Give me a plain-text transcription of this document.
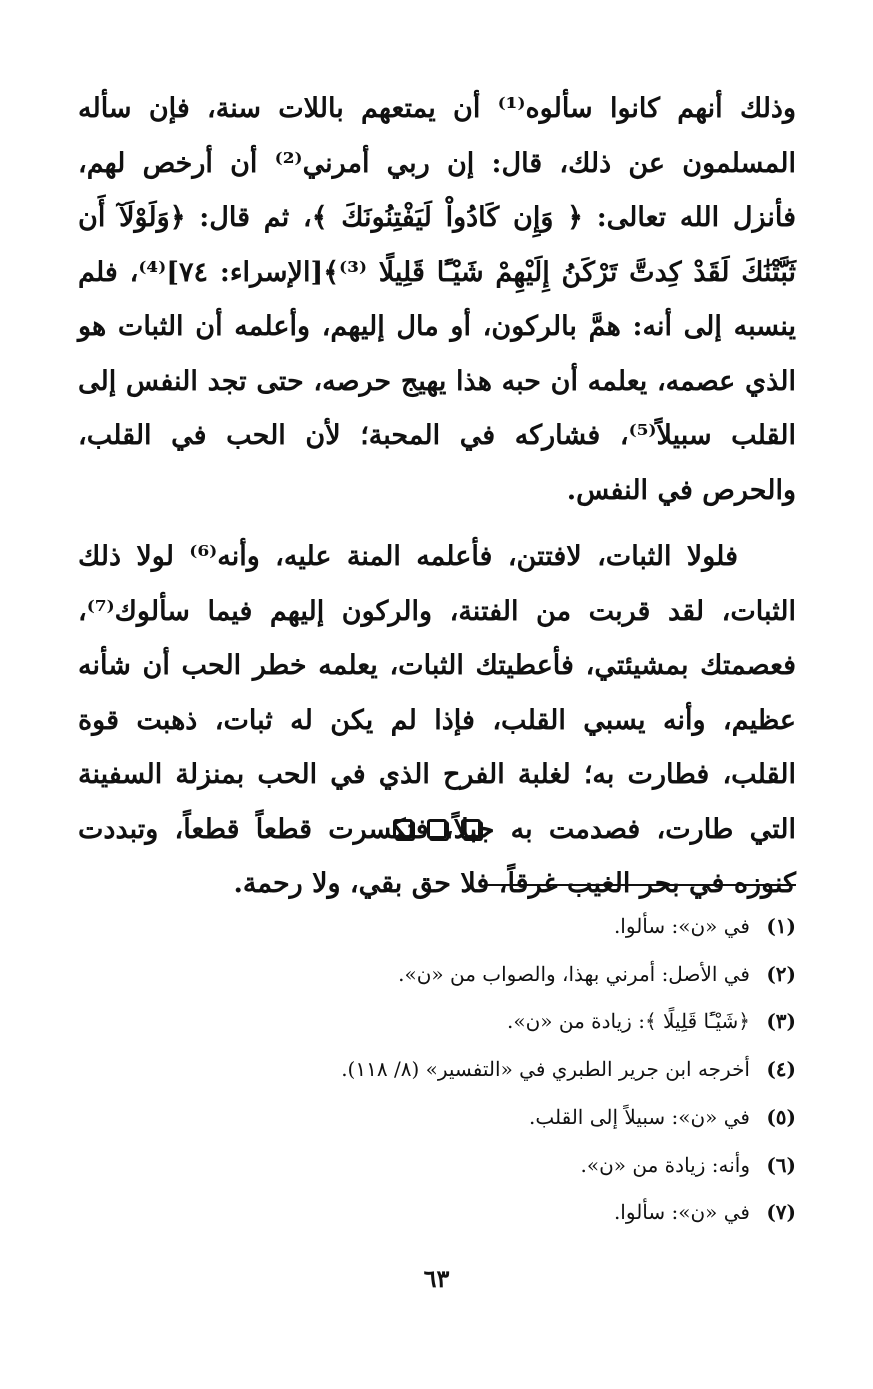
وذلك أنهم كانوا سألوه⁽¹⁾ أن يمتعهم باللات سنة، فإن سأله المسلمون عن ذلك، قال: إن ربي أمرني⁽²⁾ أن أرخص لهم، فأنزل الله تعالى: ﴿ وَإِن كَادُواْ لَيَفْتِنُونَكَ ﴾، ثم قال: ﴿وَلَوْلَآ أَن ثَبَّتْنَٰكَ لَقَدْ كِدتَّ تَرْكَنُ إِلَيْهِمْ شَيْـًٔا قَلِيلًا ⁽³⁾﴾[الإسراء: ٧٤]⁽⁴⁾، فلم ينسبه إلى أنه: همَّ بالركون، أو مال إليهم، وأعلمه أن الثبات هو الذي عصمه، يعلمه أن حبه هذا يهيج حرصه، حتى تجد النفس إلى القلب سبيلاً⁽⁵⁾، فشاركه في المحبة؛ لأن الحب في القلب، والحرص في النفس.

فلولا الثبات، لافتتن، فأعلمه المنة عليه، وأنه⁽⁶⁾ لولا ذلك الثبات، لقد قربت من الفتنة، والركون إليهم فيما سألوك⁽⁷⁾، فعصمتك بمشيئتي، فأعطيتك الثبات، يعلمه خطر الحب أن شأنه عظيم، وأنه يسبي القلب، فإذا لم يكن له ثبات، ذهبت قوة القلب، فطارت به؛ لغلبة الفرح الذي في الحب بمنزلة السفينة التي طارت، فصدمت به جبلاً، فتكسرت قطعاً قطعاً، وتبددت كنوزه في بحر الغيب غرقاً، فلا حق بقي، ولا رحمة.

(١)
في «ن»: سألوا.
(٢)
في الأصل: أمرني بهذا، والصواب من «ن».
(٣)
﴿شَيْـًٔا قَلِيلًا ﴾: زيادة من «ن».
(٤)
أخرجه ابن جرير الطبري في «التفسير» (٨/ ١١٨).
(٥)
في «ن»: سبيلاً إلى القلب.
(٦)
وأنه: زيادة من «ن».
(٧)
في «ن»: سألوا.
٦٣
